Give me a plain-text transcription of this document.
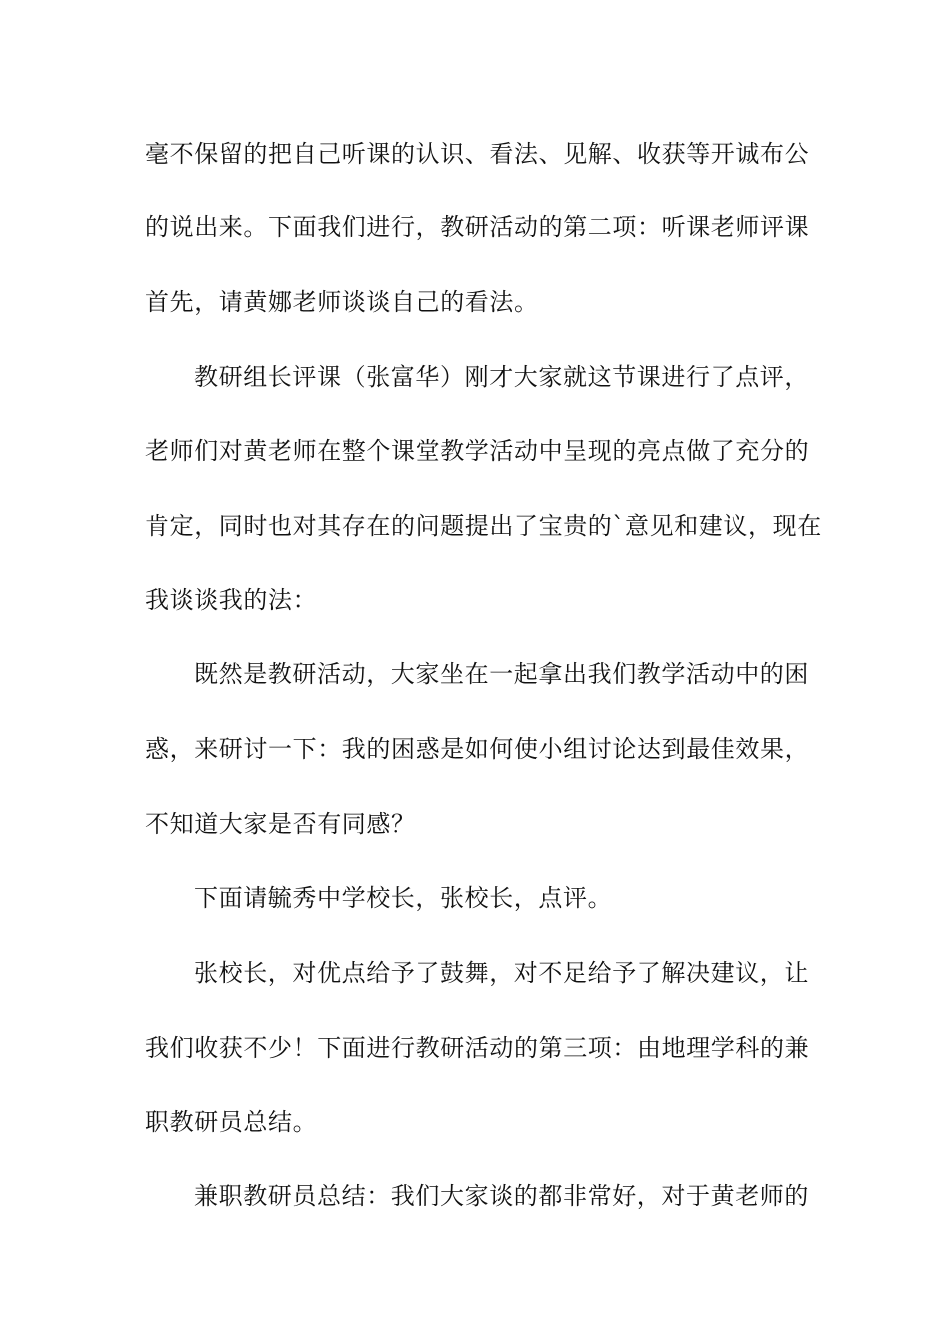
毫不保留的把自己听课的认识、看法、见解、收获等开诚布公
的说出来。下面我们进行，教研活动的第二项：听课老师评课
首先，请黄娜老师谈谈自己的看法。
教研组长评课（张富华）刚才大家就这节课进行了点评，
老师们对黄老师在整个课堂教学活动中呈现的亮点做了充分的
肯定，同时也对其存在的问题提出了宝贵的`意见和建议，现在
我谈谈我的法：
既然是教研活动，大家坐在一起拿出我们教学活动中的困
惑，来研讨一下：我的困惑是如何使小组讨论达到最佳效果，
不知道大家是否有同感？
下面请毓秀中学校长，张校长，点评。
张校长，对优点给予了鼓舞，对不足给予了解决建议，让
我们收获不少！下面进行教研活动的第三项：由地理学科的兼
职教研员总结。
兼职教研员总结：我们大家谈的都非常好，对于黄老师的
